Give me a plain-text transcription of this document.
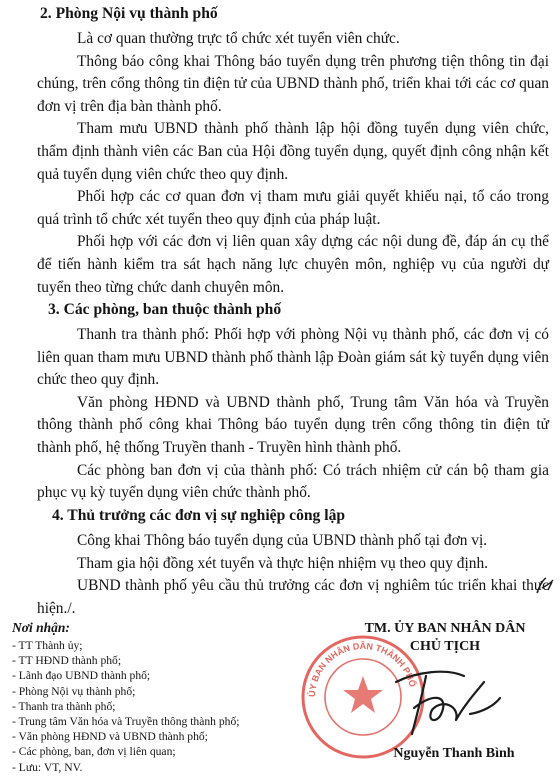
2. Phòng Nội vụ thành phố

Là cơ quan thường trực tổ chức xét tuyển viên chức.

Thông báo công khai Thông báo tuyển dụng trên phương tiện thông tin đại chúng, trên cổng thông tin điện tử của UBND thành phố, triển khai tới các cơ quan đơn vị trên địa bàn thành phố.

Tham mưu UBND thành phố thành lập hội đồng tuyển dụng viên chức, thẩm định thành viên các Ban của Hội đồng tuyển dụng, quyết định công nhận kết quả tuyển dụng viên chức theo quy định.

Phối hợp các cơ quan đơn vị tham mưu giải quyết khiếu nại, tố cáo trong quá trình tổ chức xét tuyển theo quy định của pháp luật.

Phối hợp với các đơn vị liên quan xây dựng các nội dung đề, đáp án cụ thể để tiến hành kiểm tra sát hạch năng lực chuyên môn, nghiệp vụ của người dự tuyển theo từng chức danh chuyên môn.

3. Các phòng, ban thuộc thành phố

Thanh tra thành phố: Phối hợp với phòng Nội vụ thành phố, các đơn vị có liên quan tham mưu UBND thành phố thành lập Đoàn giám sát kỳ tuyển dụng viên chức theo quy định.

Văn phòng HĐND và UBND thành phố, Trung tâm Văn hóa và Truyền thông thành phố công khai Thông báo tuyển dụng trên cổng thông tin điện tử thành phố, hệ thống Truyền thanh - Truyền hình thành phố.

Các phòng ban đơn vị của thành phố: Có trách nhiệm cử cán bộ tham gia phục vụ kỳ tuyển dụng viên chức thành phố.

4. Thủ trưởng các đơn vị sự nghiệp công lập

Công khai Thông báo tuyển dụng của UBND thành phố tại đơn vị.

Tham gia hội đồng xét tuyển và thực hiện nhiệm vụ theo quy định.

UBND thành phố yêu cầu thủ trưởng các đơn vị nghiêm túc triển khai thực hiện./.

Nơi nhận:
- TT Thành ủy;
- TT HĐND thành phố;
- Lãnh đạo UBND thành phố;
- Phòng Nội vụ thành phố;
- Thanh tra thành phố;
- Trung tâm Văn hóa và Truyền thông thành phố;
- Văn phòng HĐND và UBND thành phố;
- Các phòng, ban, đơn vị liên quan;
- Lưu: VT, NV.
ỦY BAN NHÂN DÂN THÀNH PHỐ
TM. ỦY BAN NHÂN DÂN
CHỦ TỊCH
Nguyễn Thanh Bình
